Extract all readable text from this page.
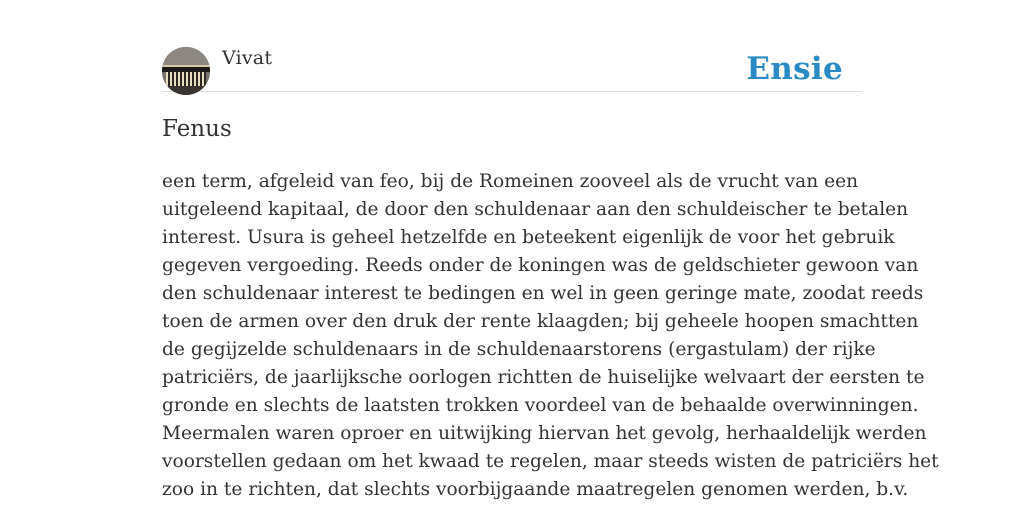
Vivat	Ensie
Fenus

een term, afgeleid van feo, bij de Romeinen zooveel als de vrucht van een
uitgeleend kapitaal, de door den schuldenaar aan den schuldeischer te betalen
interest. Usura is geheel hetzelfde en beteekent eigenlijk de voor het gebruik
gegeven vergoeding. Reeds onder de koningen was de geldschieter gewoon van
den schuldenaar interest te bedingen en wel in geen geringe mate, zoodat reeds
toen de armen over den druk der rente klaagden; bij geheele hoopen smachtten
de gegijzelde schuldenaars in de schuldenaarstorens (ergastulam) der rijke
patriciërs, de jaarlijksche oorlogen richtten de huiselijke welvaart der eersten te
gronde en slechts de laatsten trokken voordeel van de behaalde overwinningen.
Meermalen waren oproer en uitwijking hiervan het gevolg, herhaaldelijk werden
voorstellen gedaan om het kwaad te regelen, maar steeds wisten de patriciërs het
zoo in te richten, dat slechts voorbijgaande maatregelen genomen werden, b.v.
